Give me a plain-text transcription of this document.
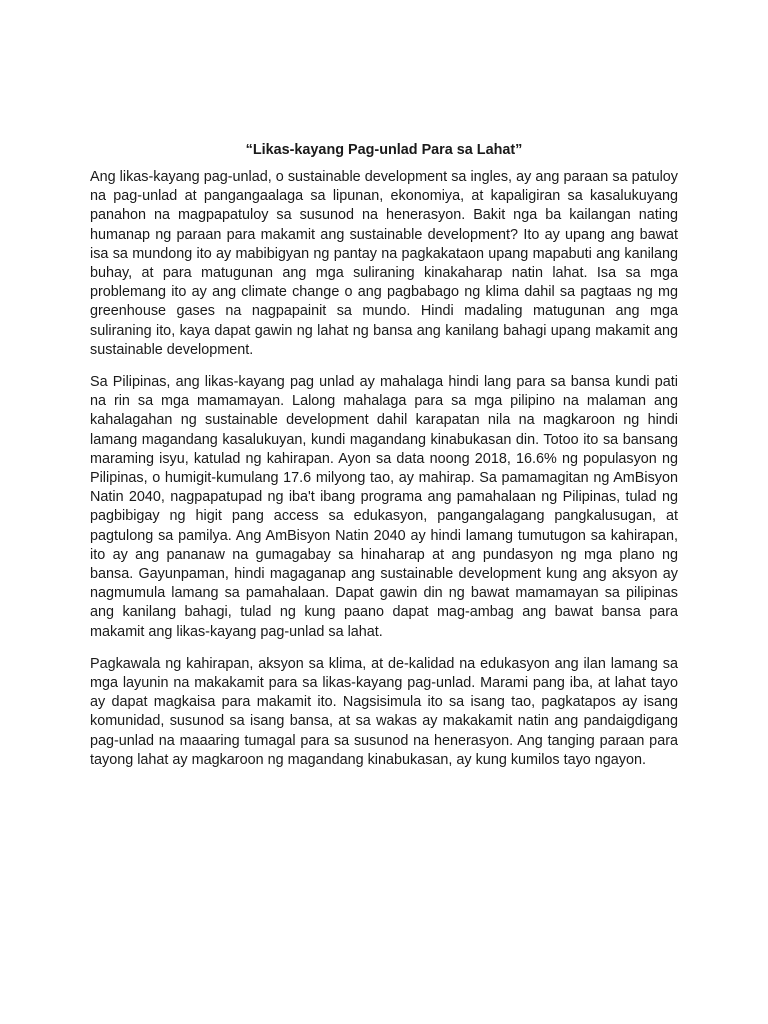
“Likas-kayang Pag-unlad Para sa Lahat”

Ang likas-kayang pag-unlad, o sustainable development sa ingles, ay ang paraan sa patuloy na pag-unlad at pangangaalaga sa lipunan, ekonomiya, at kapaligiran sa kasalukuyang panahon na magpapatuloy sa susunod na henerasyon. Bakit nga ba kailangan nating humanap ng paraan para makamit ang sustainable development? Ito ay upang ang bawat isa sa mundong ito ay mabibigyan ng pantay na pagkakataon upang mapabuti ang kanilang buhay, at para matugunan ang mga suliraning kinakaharap natin lahat. Isa sa mga problemang ito ay ang climate change o ang pagbabago ng klima dahil sa pagtaas ng mg greenhouse gases na nagpapainit sa mundo. Hindi madaling matugunan ang mga suliraning ito, kaya dapat gawin ng lahat ng bansa ang kanilang bahagi upang makamit ang sustainable development.

Sa Pilipinas, ang likas-kayang pag unlad ay mahalaga hindi lang para sa bansa kundi pati na rin sa mga mamamayan. Lalong mahalaga para sa mga pilipino na malaman ang kahalagahan ng sustainable development dahil karapatan nila na magkaroon ng hindi lamang magandang kasalukuyan, kundi magandang kinabukasan din. Totoo ito sa bansang maraming isyu, katulad ng kahirapan. Ayon sa data noong 2018, 16.6% ng populasyon ng Pilipinas, o humigit-kumulang 17.6 milyong tao, ay mahirap. Sa pamamagitan ng AmBisyon Natin 2040, nagpapatupad ng iba't ibang programa ang pamahalaan ng Pilipinas, tulad ng pagbibigay ng higit pang access sa edukasyon, pangangalagang pangkalusugan, at pagtulong sa pamilya. Ang AmBisyon Natin 2040 ay hindi lamang tumutugon sa kahirapan, ito ay ang pananaw na gumagabay sa hinaharap at ang pundasyon ng mga plano ng bansa. Gayunpaman, hindi magaganap ang sustainable development kung ang aksyon ay nagmumula lamang sa pamahalaan. Dapat gawin din ng bawat mamamayan sa pilipinas ang kanilang bahagi, tulad ng kung paano dapat mag-ambag ang bawat bansa para makamit ang likas-kayang pag-unlad sa lahat.

Pagkawala ng kahirapan, aksyon sa klima, at de-kalidad na edukasyon ang ilan lamang sa mga layunin na makakamit para sa likas-kayang pag-unlad. Marami pang iba, at lahat tayo ay dapat magkaisa para makamit ito. Nagsisimula ito sa isang tao, pagkatapos ay isang komunidad, susunod sa isang bansa, at sa wakas ay makakamit natin ang pandaigdigang pag-unlad na maaaring tumagal para sa susunod na henerasyon. Ang tanging paraan para tayong lahat ay magkaroon ng magandang kinabukasan, ay kung kumilos tayo ngayon.
